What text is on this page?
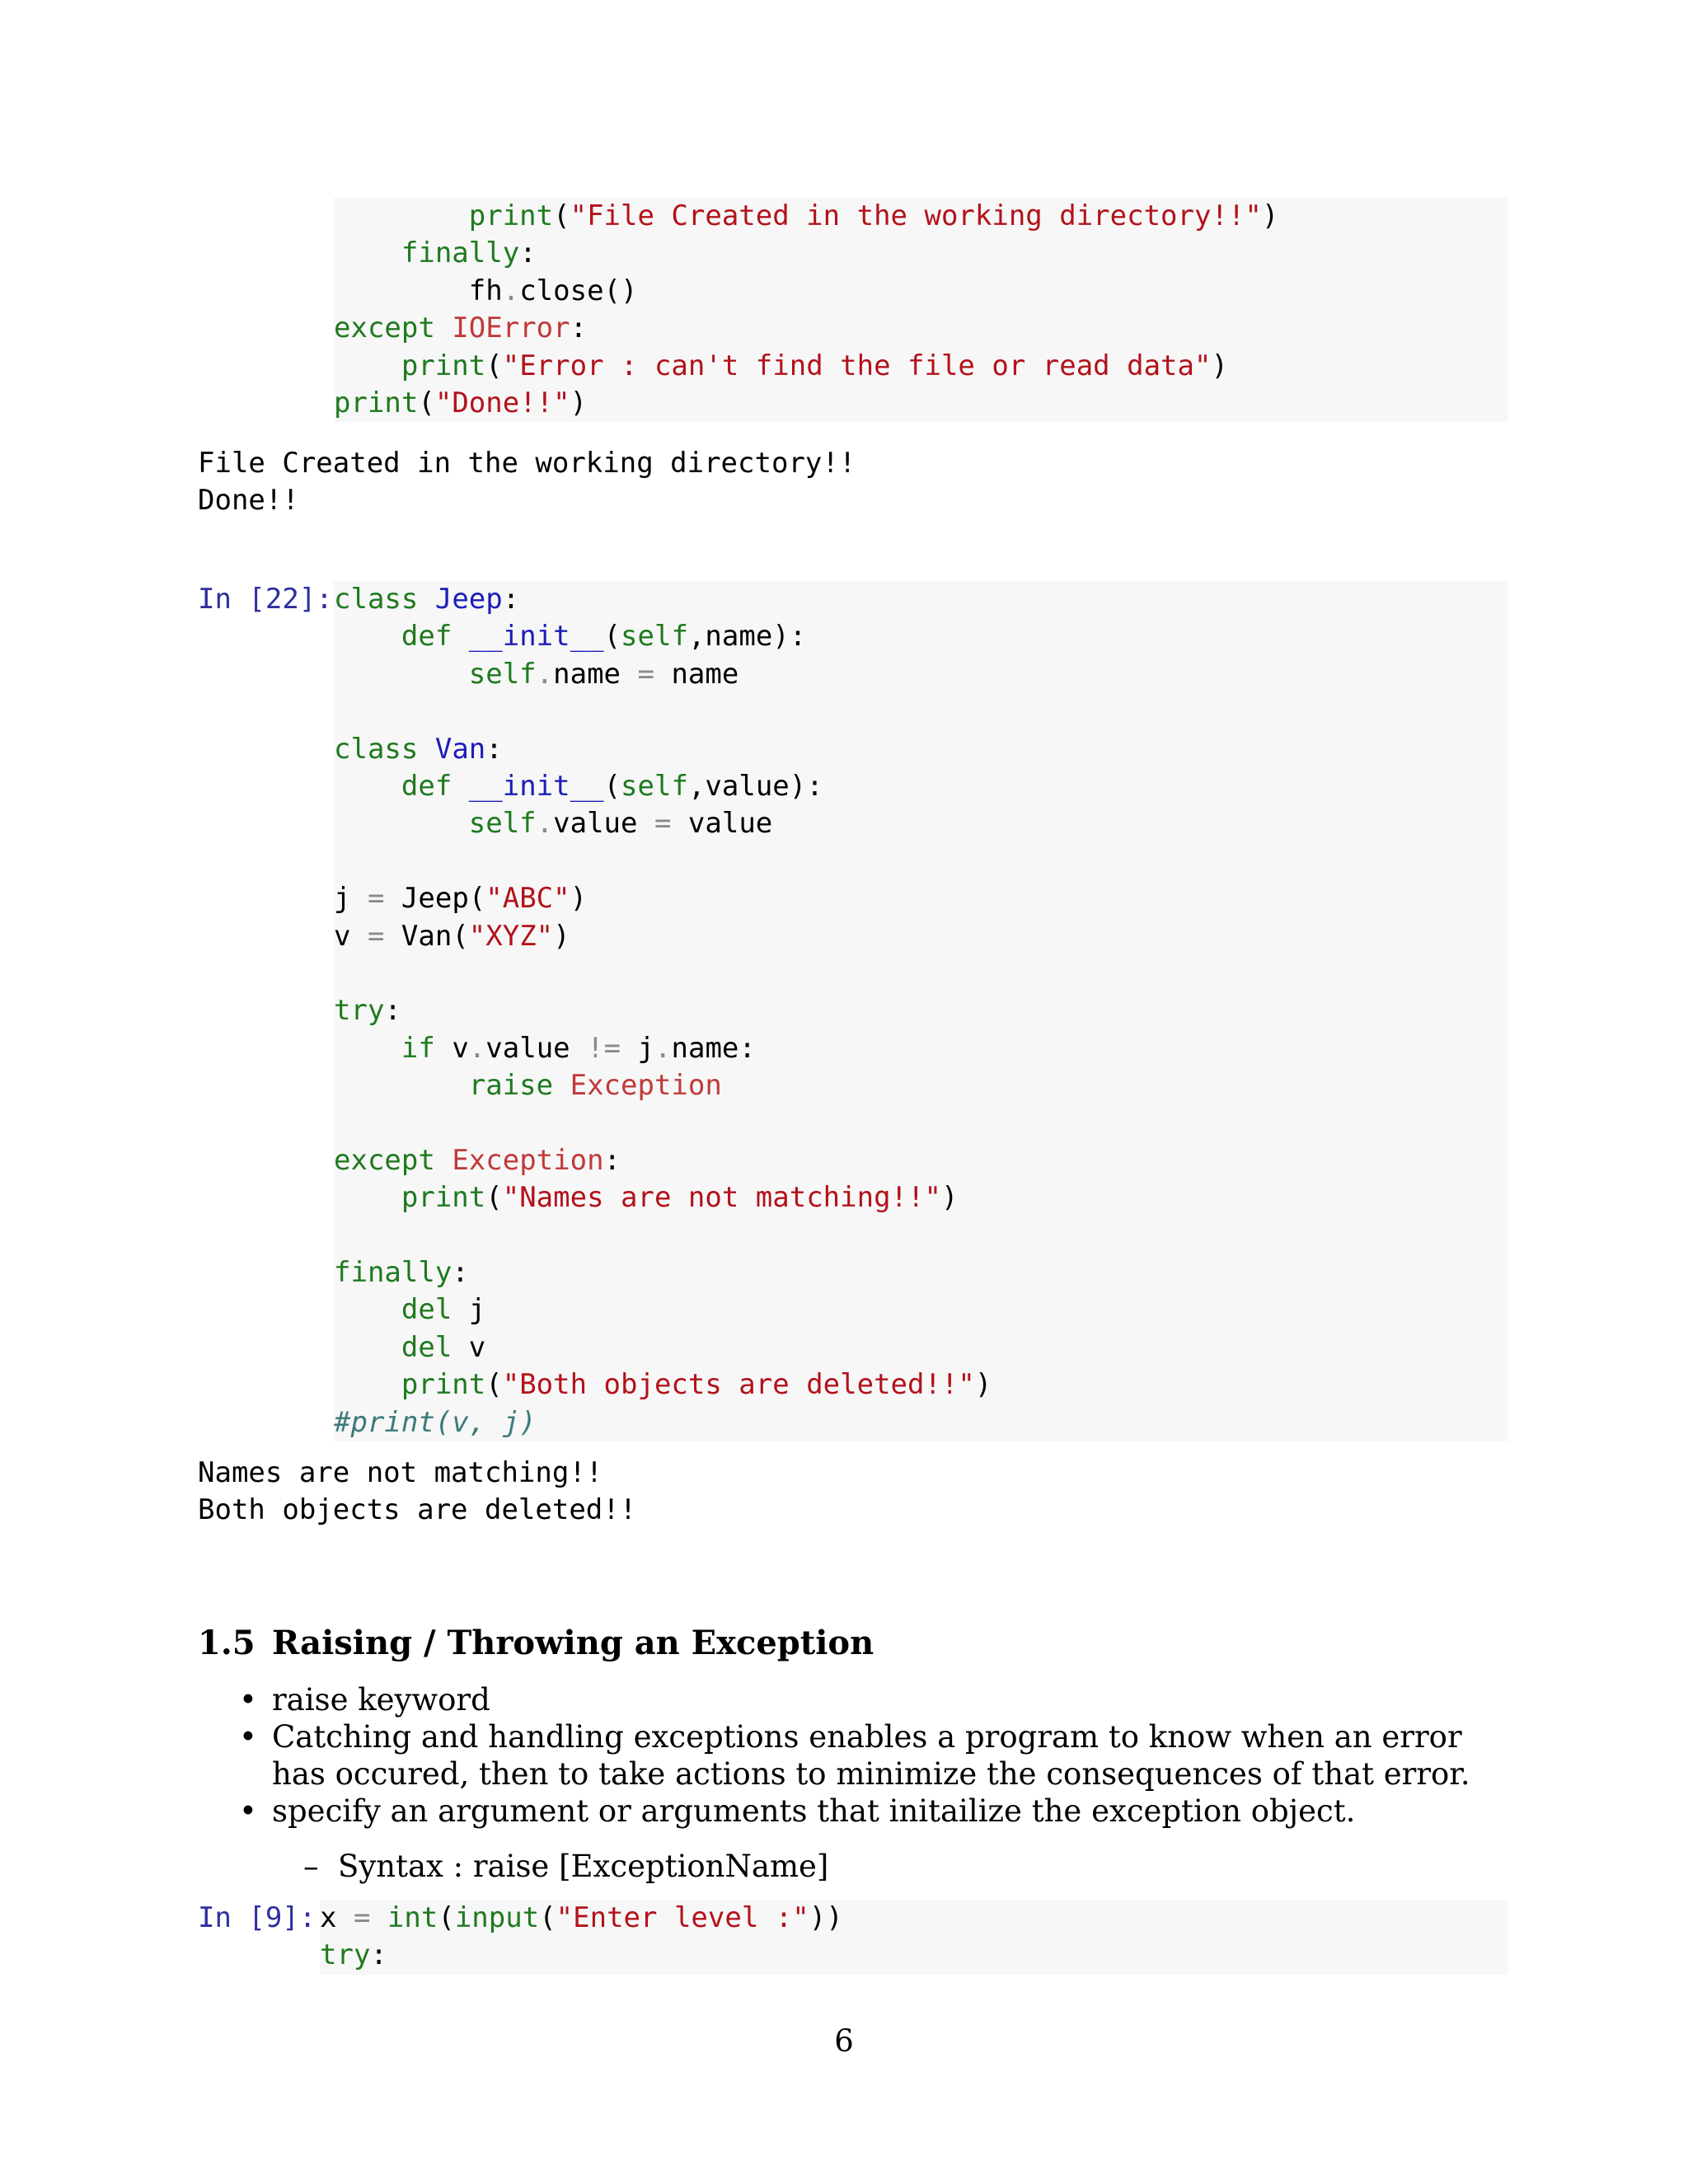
print("File Created in the working directory!!")
finally:
fh.close()
except IOError:
print("Error : can't find the file or read data")
print("Done!!")
File Created in the working directory!!
Done!!
In [22]: class Jeep:
def __init__(self,name):
self.name = name

class Van:
def __init__(self,value):
self.value = value

j = Jeep("ABC")
v = Van("XYZ")

try:
if v.value != j.name:
raise Exception

except Exception:
print("Names are not matching!!")

finally:
del j
del v
print("Both objects are deleted!!")
#print(v, j)
Names are not matching!!
Both objects are deleted!!
1.5 Raising / Throwing an Exception
• raise keyword
• Catching and handling exceptions enables a program to know when an error has occured, then to take actions to minimize the consequences of that error.
• specify an argument or arguments that initailize the exception object.
– Syntax : raise [ExceptionName]
In [9]: x = int(input("Enter level :"))
try:
6
